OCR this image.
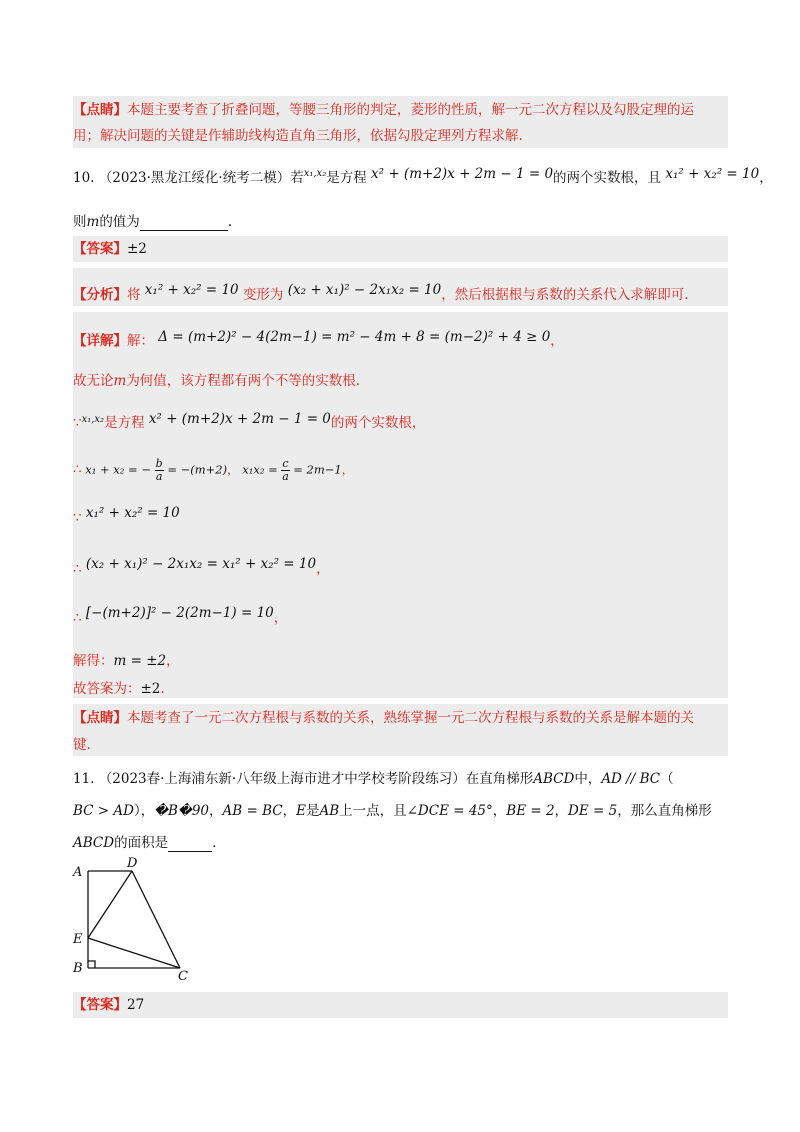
【点睛】本题主要考查了折叠问题，等腰三角形的判定，菱形的性质，解一元二次方程以及勾股定理的运
用；解决问题的关键是作辅助线构造直角三角形，依据勾股定理列方程求解.
10. （2023·黑龙江绥化·统考二模）若$^{x_1,x_2}$是方程 x² + (m+2)x + 2m − 1 = 0的两个实数根，且 x₁² + x₂² = 10，
则m的值为	.
【答案】±2
【分析】将 x₁² + x₂² = 10 变形为 (x₂ + x₁)² − 2x₁x₂ = 10，然后根据根与系数的关系代入求解即可.
【详解】解： Δ = (m+2)² − 4(2m−1) = m² − 4m + 8 = (m−2)² + 4 ≥ 0，
故无论m为何值，该方程都有两个不等的实数根.
∵$^{x_1,x_2}$是方程 x² + (m+2)x + 2m − 1 = 0的两个实数根，
∴ x₁ + x₂ = − $\frac{b}{a} = -(m+2)$， $x_1x_2 = \frac{c}{a} = 2m-1$，
∵ x₁² + x₂² = 10
∴ (x₂ + x₁)² − 2x₁x₂ = x₁² + x₂² = 10，
∴ [−(m+2)]² − 2(2m−1) = 10，
解得：m = ±2，
故答案为：±2.
【点睛】本题考查了一元二次方程根与系数的关系，熟练掌握一元二次方程根与系数的关系是解本题的关
键.
11. （2023春·上海浦东新·八年级上海市进才中学校考阶段练习）在直角梯形ABCD中，AD // BC（
BC > AD），�B�90，AB = BC，E是AB上一点，且∠DCE = 45°，BE = 2，DE = 5，那么直角梯形
ABCD的面积是	.
A
D
E
B
C
【答案】27
